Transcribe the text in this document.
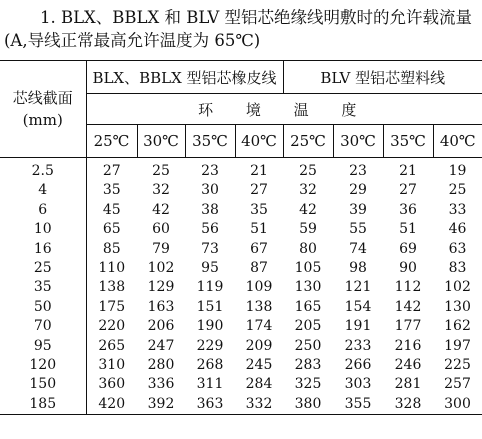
1. BLX、BBLX 和 BLV 型铝芯绝缘线明敷时的允许载流量
(A,导线正常最高允许温度为 65℃)
芯线截面
(mm)	BLX、BBLX 型铝芯橡皮线				BLV 型铝芯塑料线			
	环 境 温 度							
	25℃	30℃	35℃	40℃	25℃	30℃	35℃	40℃
2.5	27	25	23	21	25	23	21	19
4	35	32	30	27	32	29	27	25
6	45	42	38	35	42	39	36	33
10	65	60	56	51	59	55	51	46
16	85	79	73	67	80	74	69	63
25	110	102	95	87	105	98	90	83
35	138	129	119	109	130	121	112	102
50	175	163	151	138	165	154	142	130
70	220	206	190	174	205	191	177	162
95	265	247	229	209	250	233	216	197
120	310	280	268	245	283	266	246	225
150	360	336	311	284	325	303	281	257
185	420	392	363	332	380	355	328	300
